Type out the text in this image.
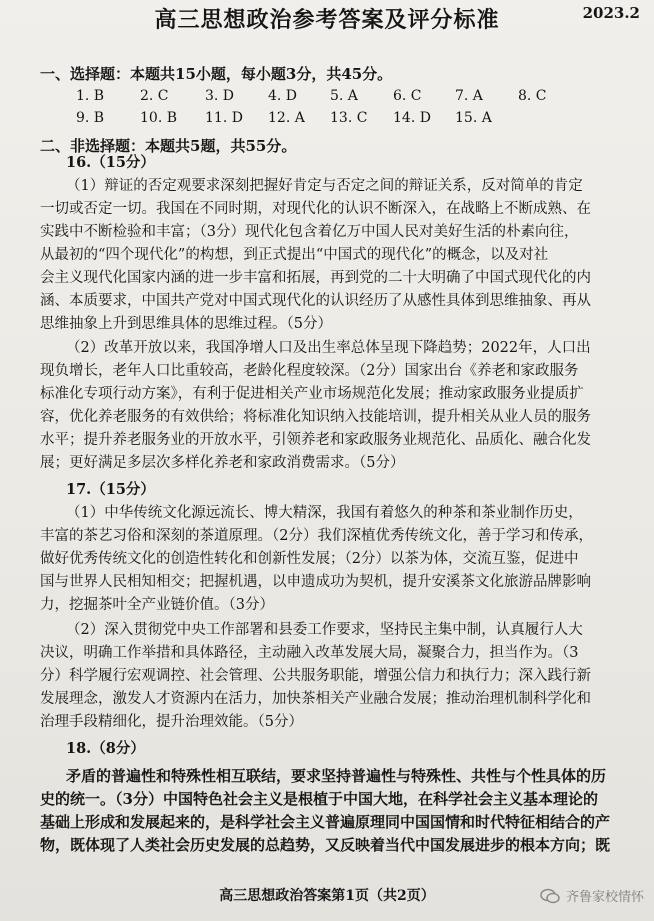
高三思想政治参考答案及评分标准	2023.2
一、选择题：本题共15小题，每小题3分，共45分。
1. B	2. C	3. D 4. D 5. A	6. C 7. A	8. C
9. B	10. B 11. D 12. A 13. C 14. D 15. A
二、非选择题：本题共5题，共55分。
16.（15分）
（1）辩证的否定观要求深刻把握好肯定与否定之间的辩证关系，反对简单的肯定
一切或否定一切。我国在不同时期，对现代化的认识不断深入，在战略上不断成熟、在
实践中不断检验和丰富；（3分）现代化包含着亿万中国人民对美好生活的朴素向往，
从最初的“四个现代化”的构想，到正式提出“中国式的现代化”的概念，以及对社
会主义现代化国家内涵的进一步丰富和拓展，再到党的二十大明确了中国式现代化的内
涵、本质要求，中国共产党对中国式现代化的认识经历了从感性具体到思维抽象、再从
思维抽象上升到思维具体的思维过程。（5分）
（2）改革开放以来，我国净增人口及出生率总体呈现下降趋势；2022年，人口出
现负增长，老年人口比重较高，老龄化程度较深。（2分）国家出台《养老和家政服务
标准化专项行动方案》，有利于促进相关产业市场规范化发展；推动家政服务业提质扩
容，优化养老服务的有效供给；将标准化知识纳入技能培训，提升相关从业人员的服务
水平；提升养老服务业的开放水平，引领养老和家政服务业规范化、品质化、融合化发
展；更好满足多层次多样化养老和家政消费需求。（5分）
17.（15分）
（1）中华传统文化源远流长、博大精深，我国有着悠久的种茶和茶业制作历史，
丰富的茶艺习俗和深刻的茶道原理。（2分）我们深植优秀传统文化，善于学习和传承，
做好优秀传统文化的创造性转化和创新性发展；（2分）以茶为体，交流互鉴，促进中
国与世界人民相知相交；把握机遇，以申遗成功为契机，提升安溪茶文化旅游品牌影响
力，挖掘茶叶全产业链价值。（3分）
（2）深入贯彻党中央工作部署和县委工作要求，坚持民主集中制，认真履行人大
决议，明确工作举措和具体路径，主动融入改革发展大局，凝聚合力，担当作为。（3
分）科学履行宏观调控、社会管理、公共服务职能，增强公信力和执行力；深入践行新
发展理念，激发人才资源内在活力，加快茶相关产业融合发展；推动治理机制科学化和
治理手段精细化，提升治理效能。（5分）
18.（8分）
矛盾的普遍性和特殊性相互联结，要求坚持普遍性与特殊性、共性与个性具体的历
史的统一。（3分）中国特色社会主义是根植于中国大地，在科学社会主义基本理论的
基础上形成和发展起来的，是科学社会主义普遍原理同中国国情和时代特征相结合的产
物，既体现了人类社会历史发展的总趋势，又反映着当代中国发展进步的根本方向；既
高三思想政治答案第1页（共2页）	齐鲁家校情怀
